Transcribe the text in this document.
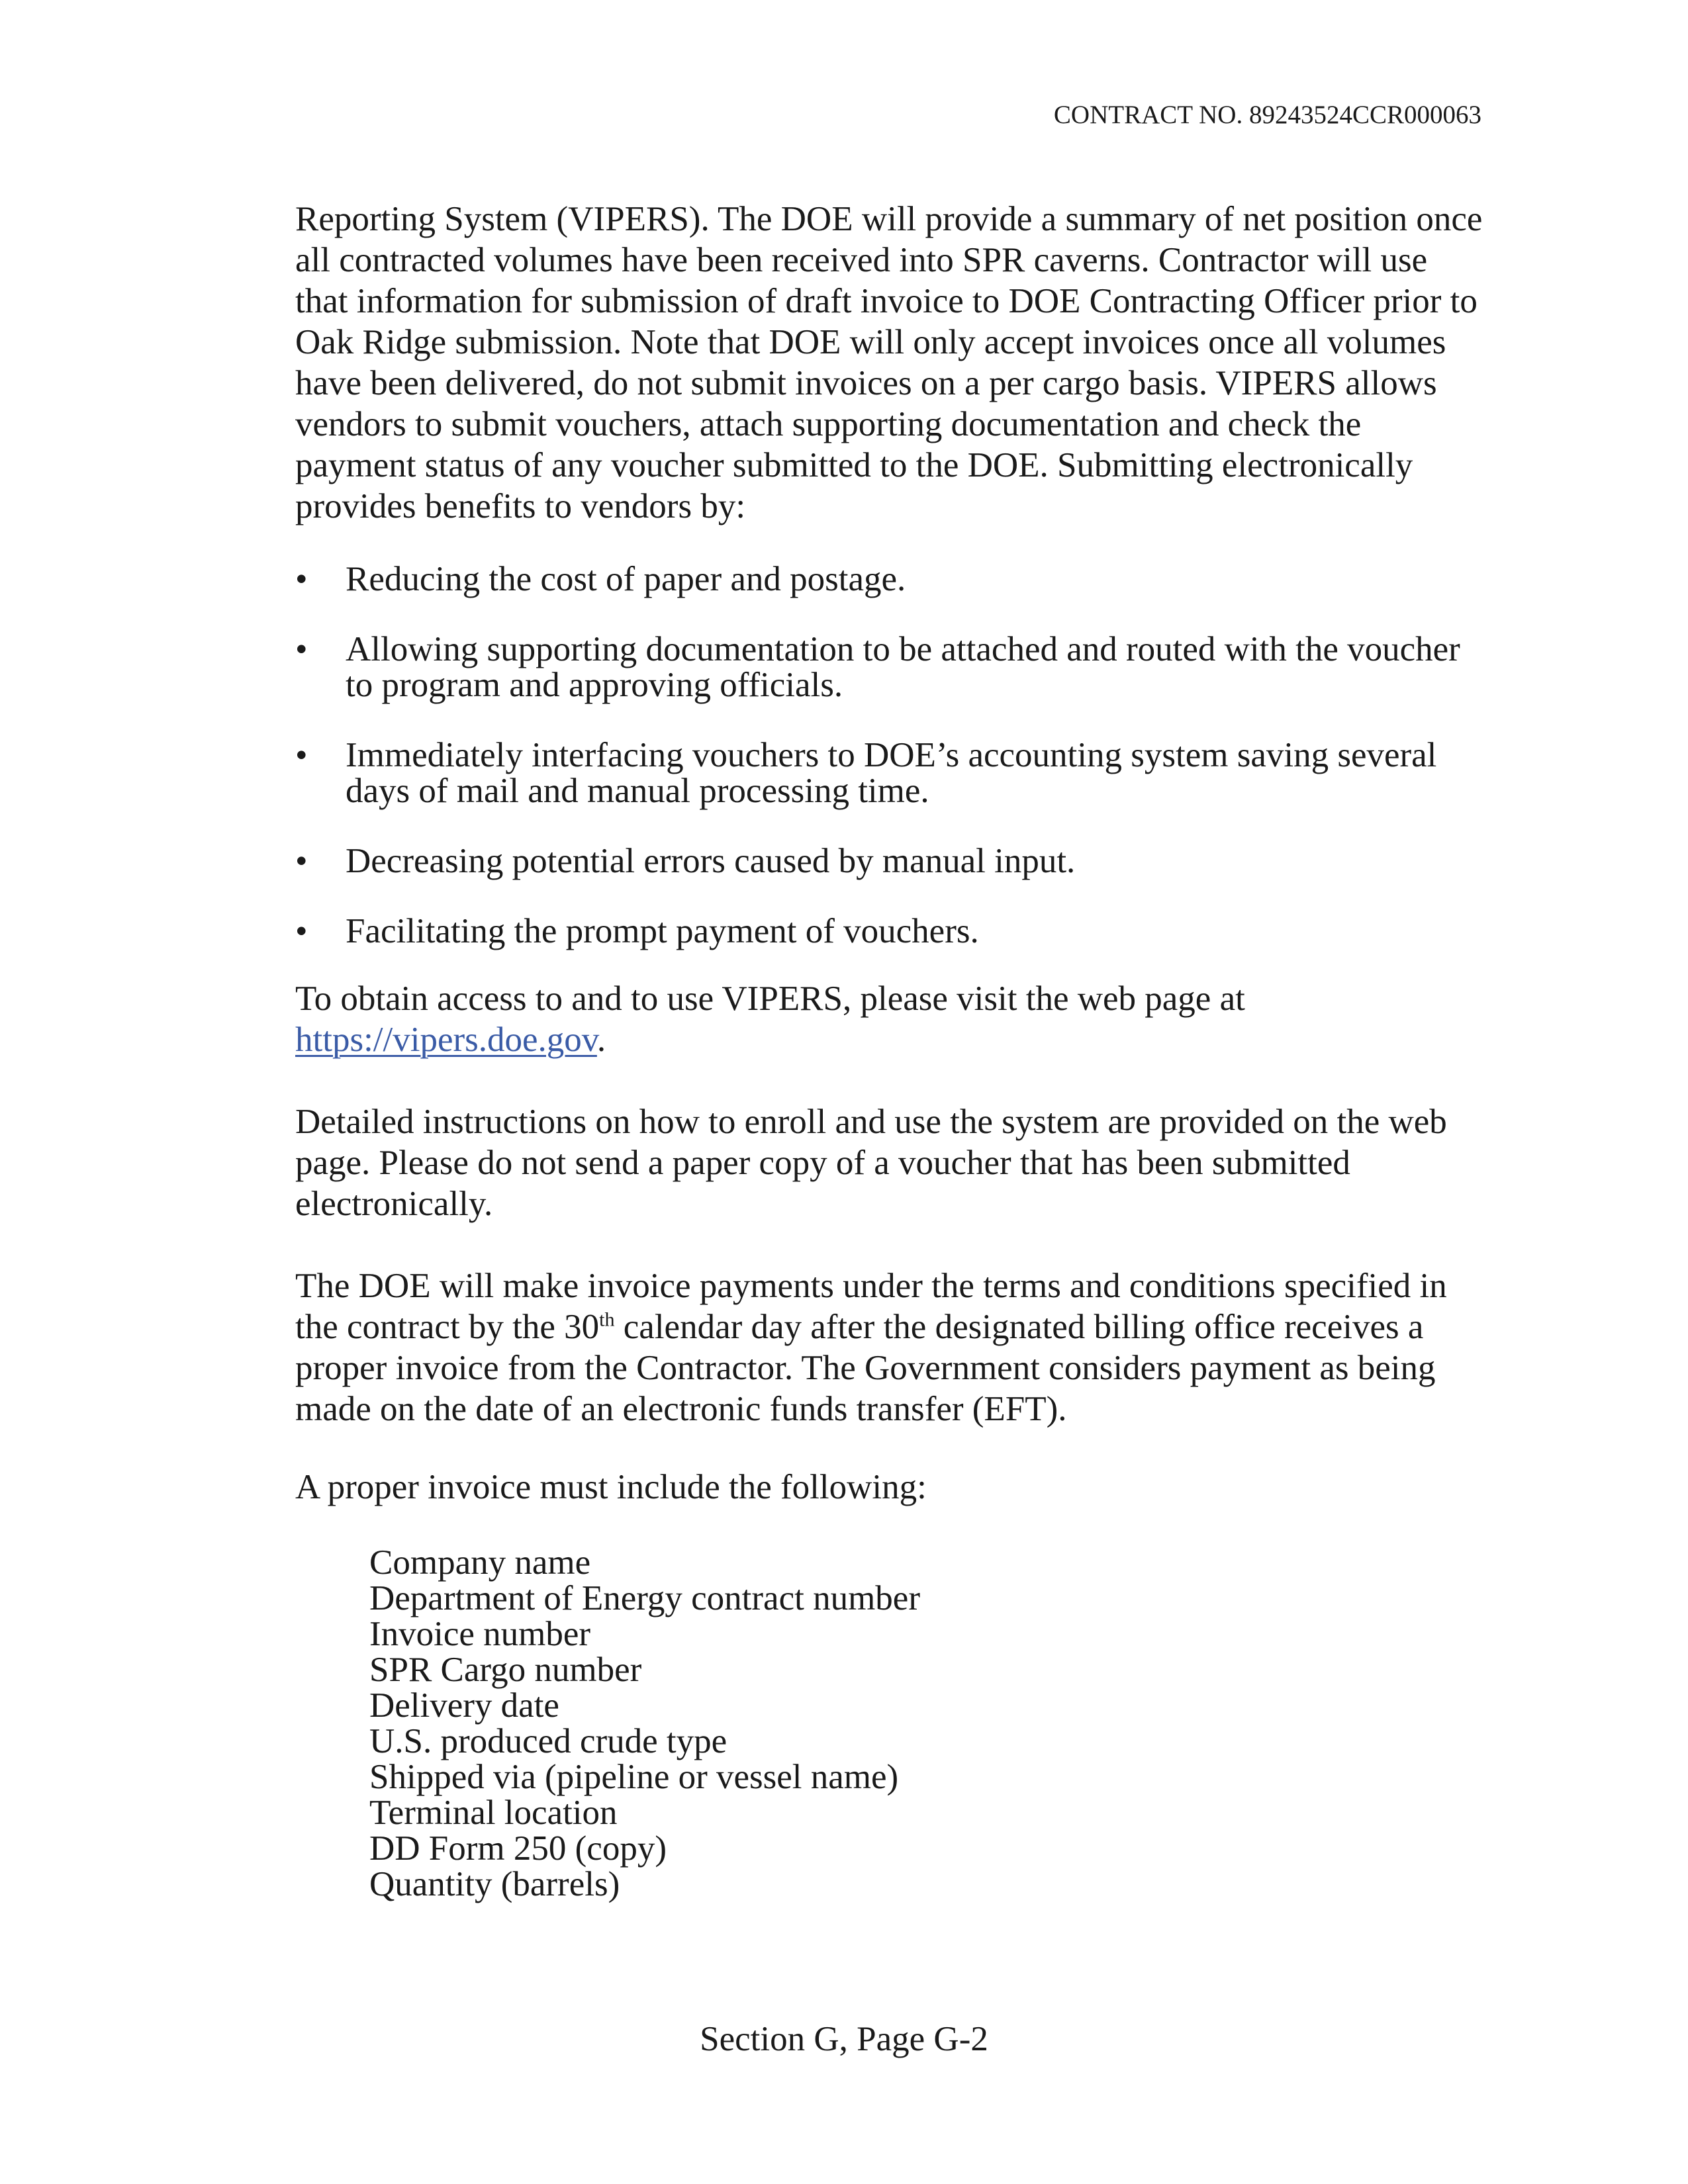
CONTRACT NO. 89243524CCR000063

Reporting System (VIPERS). The DOE will provide a summary of net position once all contracted volumes have been received into SPR caverns. Contractor will use that information for submission of draft invoice to DOE Contracting Officer prior to Oak Ridge submission. Note that DOE will only accept invoices once all volumes have been delivered, do not submit invoices on a per cargo basis. VIPERS allows vendors to submit vouchers, attach supporting documentation and check the payment status of any voucher submitted to the DOE. Submitting electronically provides benefits to vendors by:

• Reducing the cost of paper and postage.
• Allowing supporting documentation to be attached and routed with the voucher to program and approving officials.
• Immediately interfacing vouchers to DOE’s accounting system saving several days of mail and manual processing time.
• Decreasing potential errors caused by manual input.
• Facilitating the prompt payment of vouchers.

To obtain access to and to use VIPERS, please visit the web page at
https://vipers.doe.gov.

Detailed instructions on how to enroll and use the system are provided on the web page. Please do not send a paper copy of a voucher that has been submitted electronically.

The DOE will make invoice payments under the terms and conditions specified in the contract by the 30th calendar day after the designated billing office receives a proper invoice from the Contractor. The Government considers payment as being made on the date of an electronic funds transfer (EFT).

A proper invoice must include the following:

Company name
Department of Energy contract number
Invoice number
SPR Cargo number
Delivery date
U.S. produced crude type
Shipped via (pipeline or vessel name)
Terminal location
DD Form 250 (copy)
Quantity (barrels)
Section G, Page G-2
